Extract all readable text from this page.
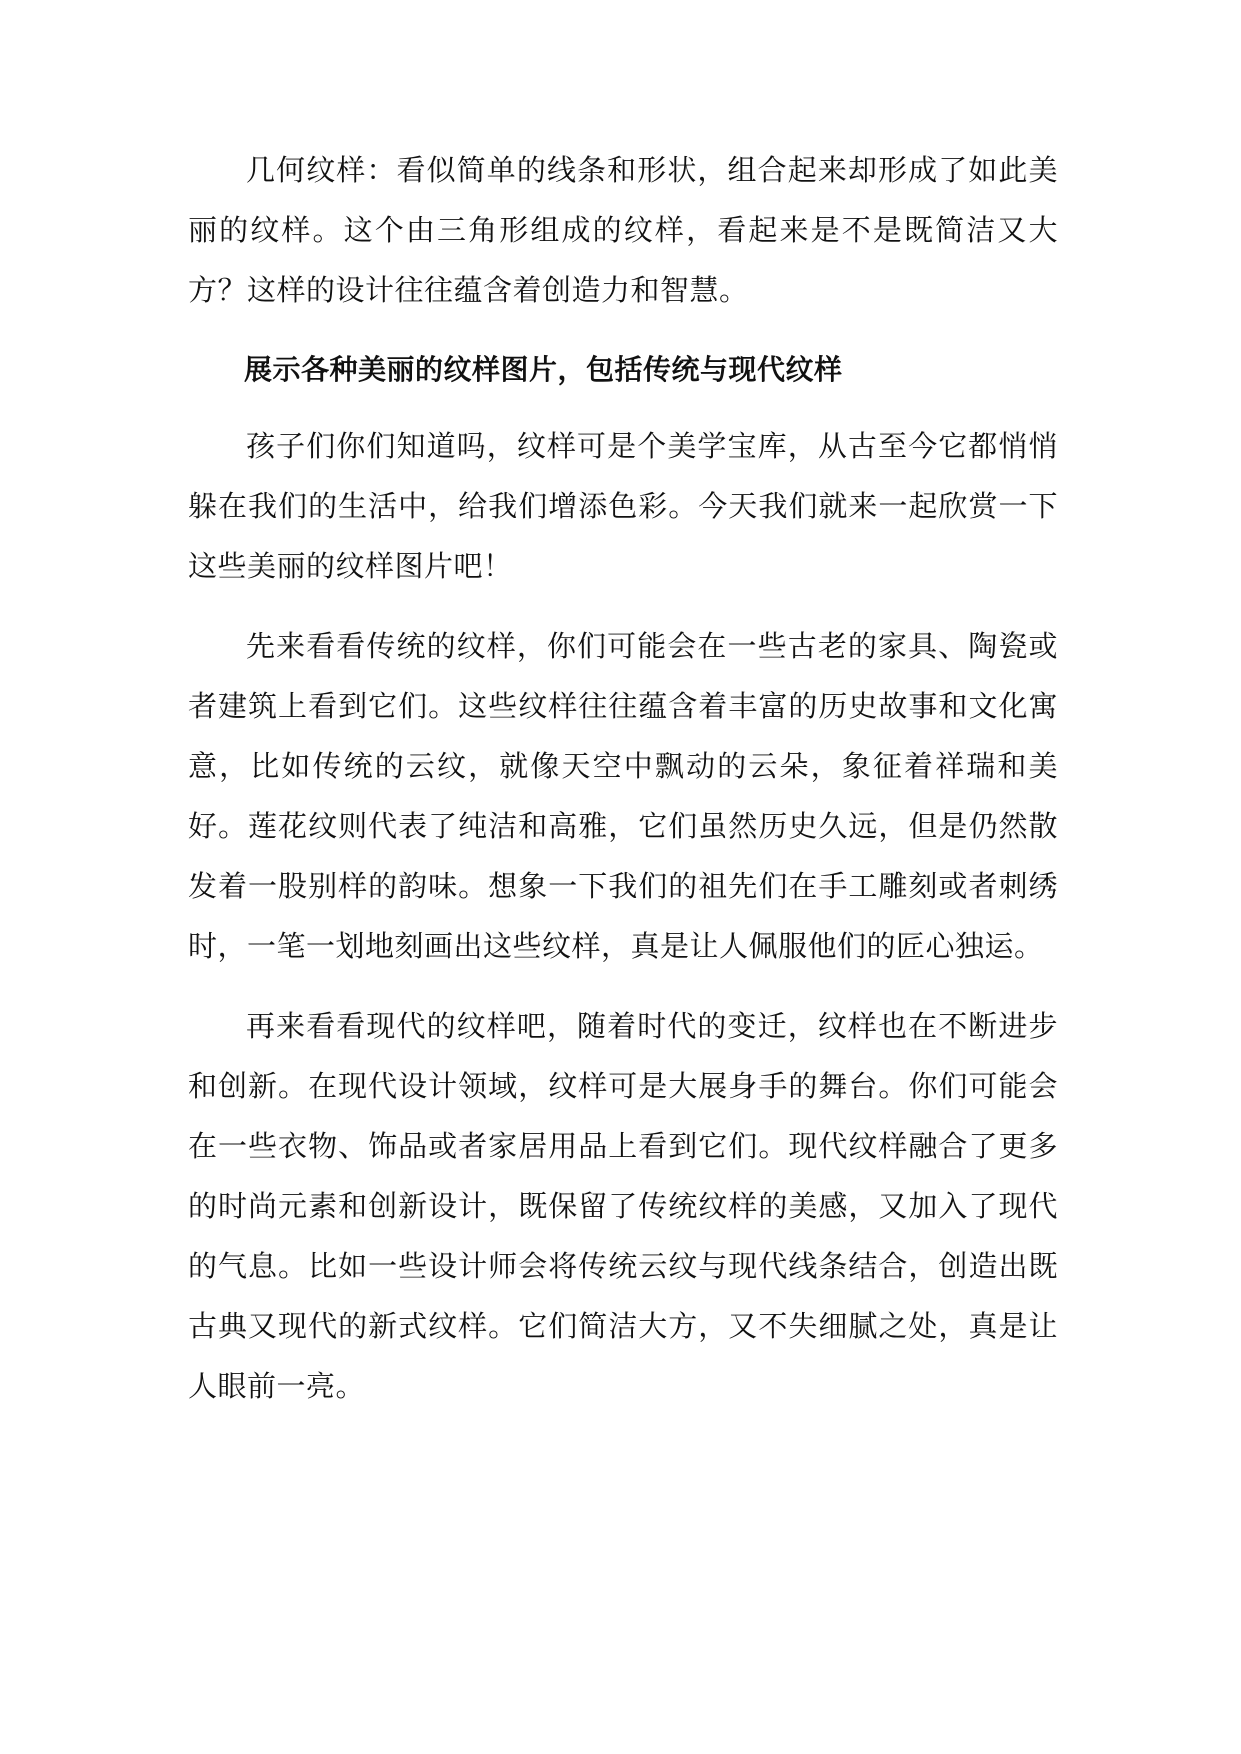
几何纹样：看似简单的线条和形状，组合起来却形成了如此美丽的纹样。这个由三角形组成的纹样，看起来是不是既简洁又大方？这样的设计往往蕴含着创造力和智慧。

展示各种美丽的纹样图片，包括传统与现代纹样

孩子们你们知道吗，纹样可是个美学宝库，从古至今它都悄悄躲在我们的生活中，给我们增添色彩。今天我们就来一起欣赏一下这些美丽的纹样图片吧！

先来看看传统的纹样，你们可能会在一些古老的家具、陶瓷或者建筑上看到它们。这些纹样往往蕴含着丰富的历史故事和文化寓意，比如传统的云纹，就像天空中飘动的云朵，象征着祥瑞和美好。莲花纹则代表了纯洁和高雅，它们虽然历史久远，但是仍然散发着一股别样的韵味。想象一下我们的祖先们在手工雕刻或者刺绣时，一笔一划地刻画出这些纹样，真是让人佩服他们的匠心独运。

再来看看现代的纹样吧，随着时代的变迁，纹样也在不断进步和创新。在现代设计领域，纹样可是大展身手的舞台。你们可能会在一些衣物、饰品或者家居用品上看到它们。现代纹样融合了更多的时尚元素和创新设计，既保留了传统纹样的美感，又加入了现代的气息。比如一些设计师会将传统云纹与现代线条结合，创造出既古典又现代的新式纹样。它们简洁大方，又不失细腻之处，真是让人眼前一亮。
